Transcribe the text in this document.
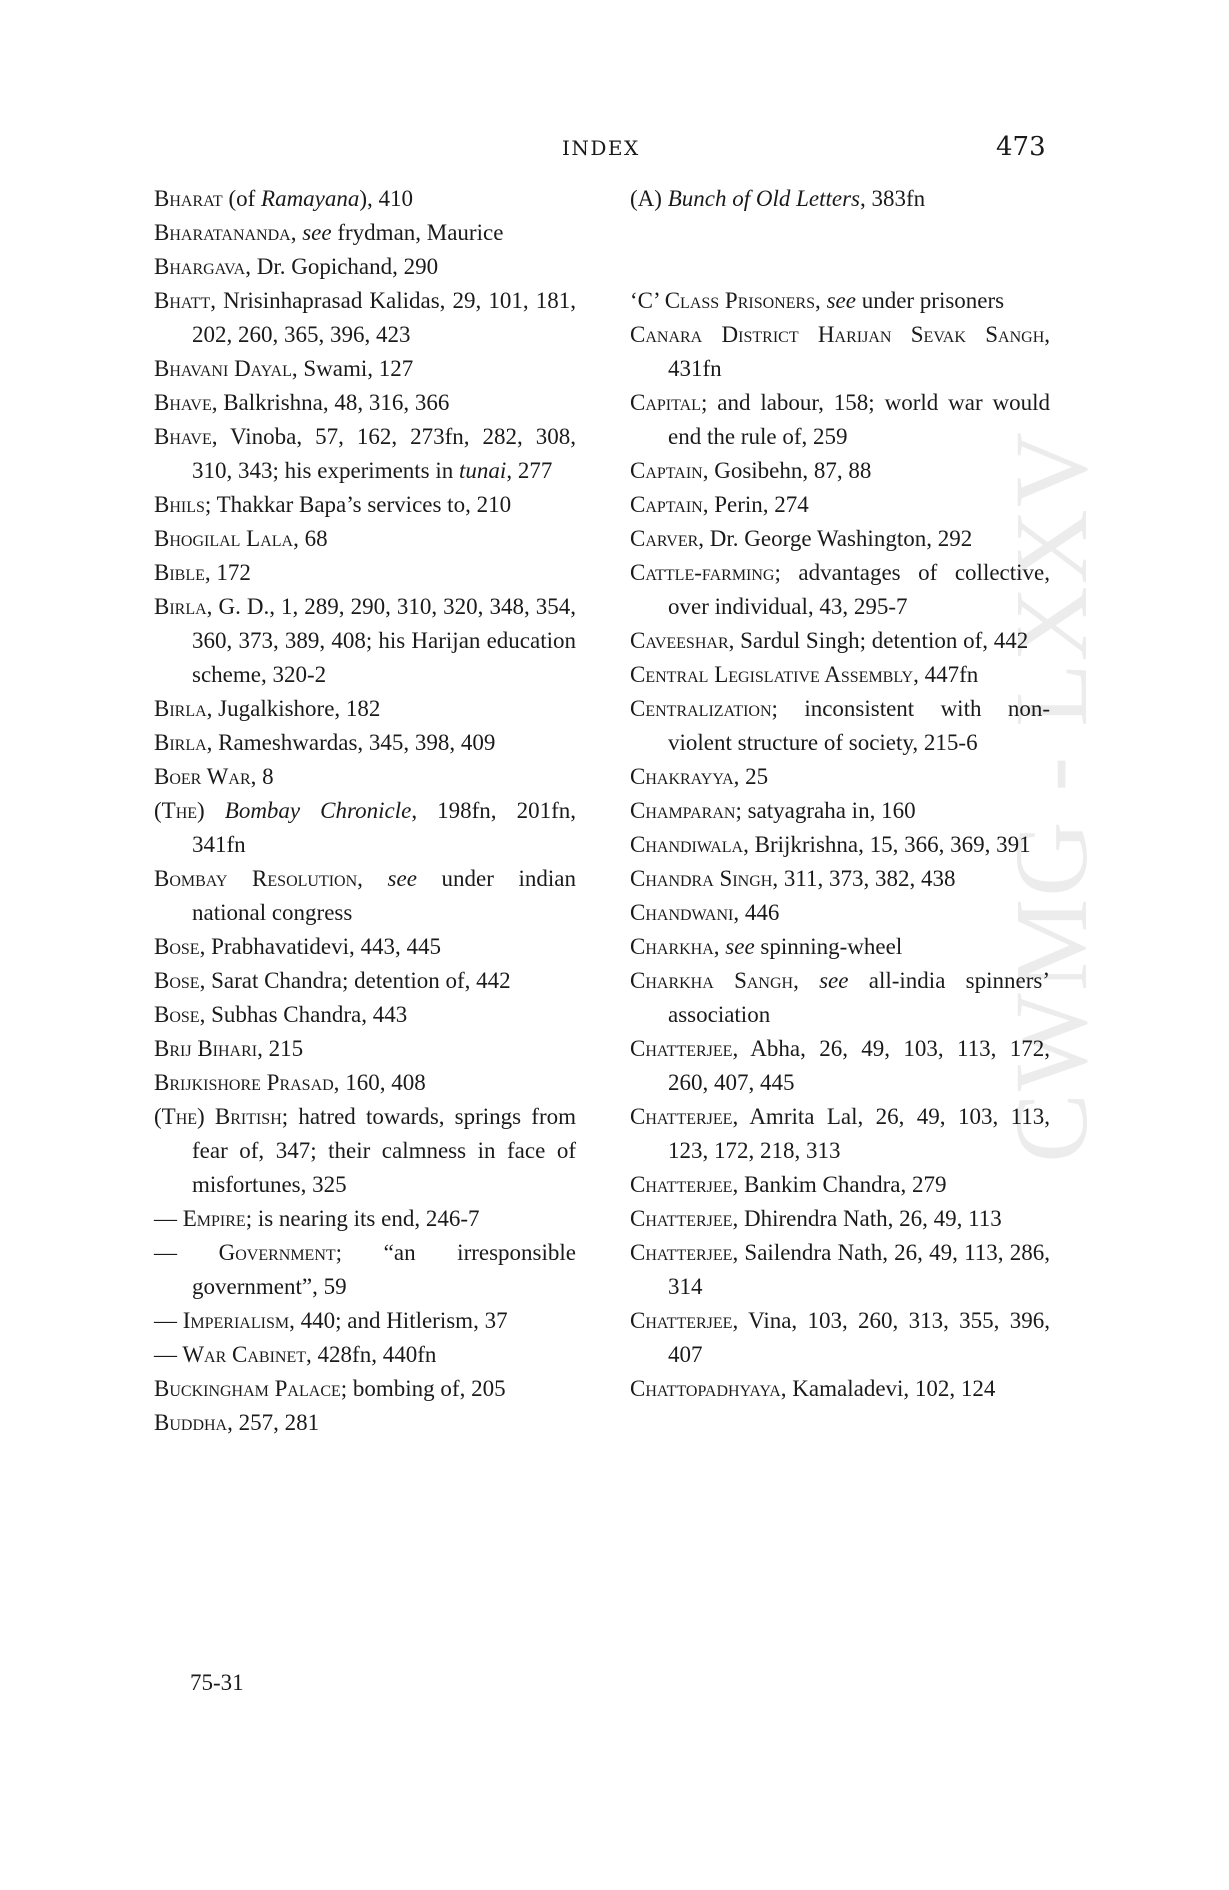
CWMG - LXXV
INDEX	473

Bharat (of Ramayana), 410

Bharatananda, see frydman, Maurice

Bhargava, Dr. Gopichand, 290

Bhatt, Nrisinhaprasad Kalidas, 29, 101, 181, 202, 260, 365, 396, 423

Bhavani Dayal, Swami, 127

Bhave, Balkrishna, 48, 316, 366

Bhave, Vinoba, 57, 162, 273fn, 282, 308, 310, 343; his experiments in tunai, 277

Bhils; Thakkar Bapa’s services to, 210

Bhogilal Lala, 68

Bible, 172

Birla, G. D., 1, 289, 290, 310, 320, 348, 354, 360, 373, 389, 408; his Harijan education scheme, 320-2

Birla, Jugalkishore, 182

Birla, Rameshwardas, 345, 398, 409

Boer War, 8

(The) Bombay Chronicle, 198fn, 201fn, 341fn

Bombay Resolution, see under indian national congress

Bose, Prabhavatidevi, 443, 445

Bose, Sarat Chandra; detention of, 442

Bose, Subhas Chandra, 443

Brij Bihari, 215

Brijkishore Prasad, 160, 408

(The) British; hatred towards, springs from fear of, 347; their calmness in face of misfortunes, 325

— Empire; is nearing its end, 246-7

— Government; “an irresponsible government”, 59

— Imperialism, 440; and Hitlerism, 37

— War Cabinet, 428fn, 440fn

Buckingham Palace; bombing of, 205

Buddha, 257, 281

(A) Bunch of Old Letters, 383fn

‘C’ Class Prisoners, see under prisoners

Canara District Harijan Sevak Sangh, 431fn

Capital; and labour, 158; world war would end the rule of, 259

Captain, Gosibehn, 87, 88

Captain, Perin, 274

Carver, Dr. George Washington, 292

Cattle-farming; advantages of collective, over individual, 43, 295-7

Caveeshar, Sardul Singh; detention of, 442

Central Legislative Assembly, 447fn

Centralization; inconsistent with non-violent structure of society, 215-6

Chakrayya, 25

Champaran; satyagraha in, 160

Chandiwala, Brijkrishna, 15, 366, 369, 391

Chandra Singh, 311, 373, 382, 438

Chandwani, 446

Charkha, see spinning-wheel

Charkha Sangh, see all-india spinners’ association

Chatterjee, Abha, 26, 49, 103, 113, 172, 260, 407, 445

Chatterjee, Amrita Lal, 26, 49, 103, 113, 123, 172, 218, 313

Chatterjee, Bankim Chandra, 279

Chatterjee, Dhirendra Nath, 26, 49, 113

Chatterjee, Sailendra Nath, 26, 49, 113, 286, 314

Chatterjee, Vina, 103, 260, 313, 355, 396, 407

Chattopadhyaya, Kamaladevi, 102, 124

75-31
